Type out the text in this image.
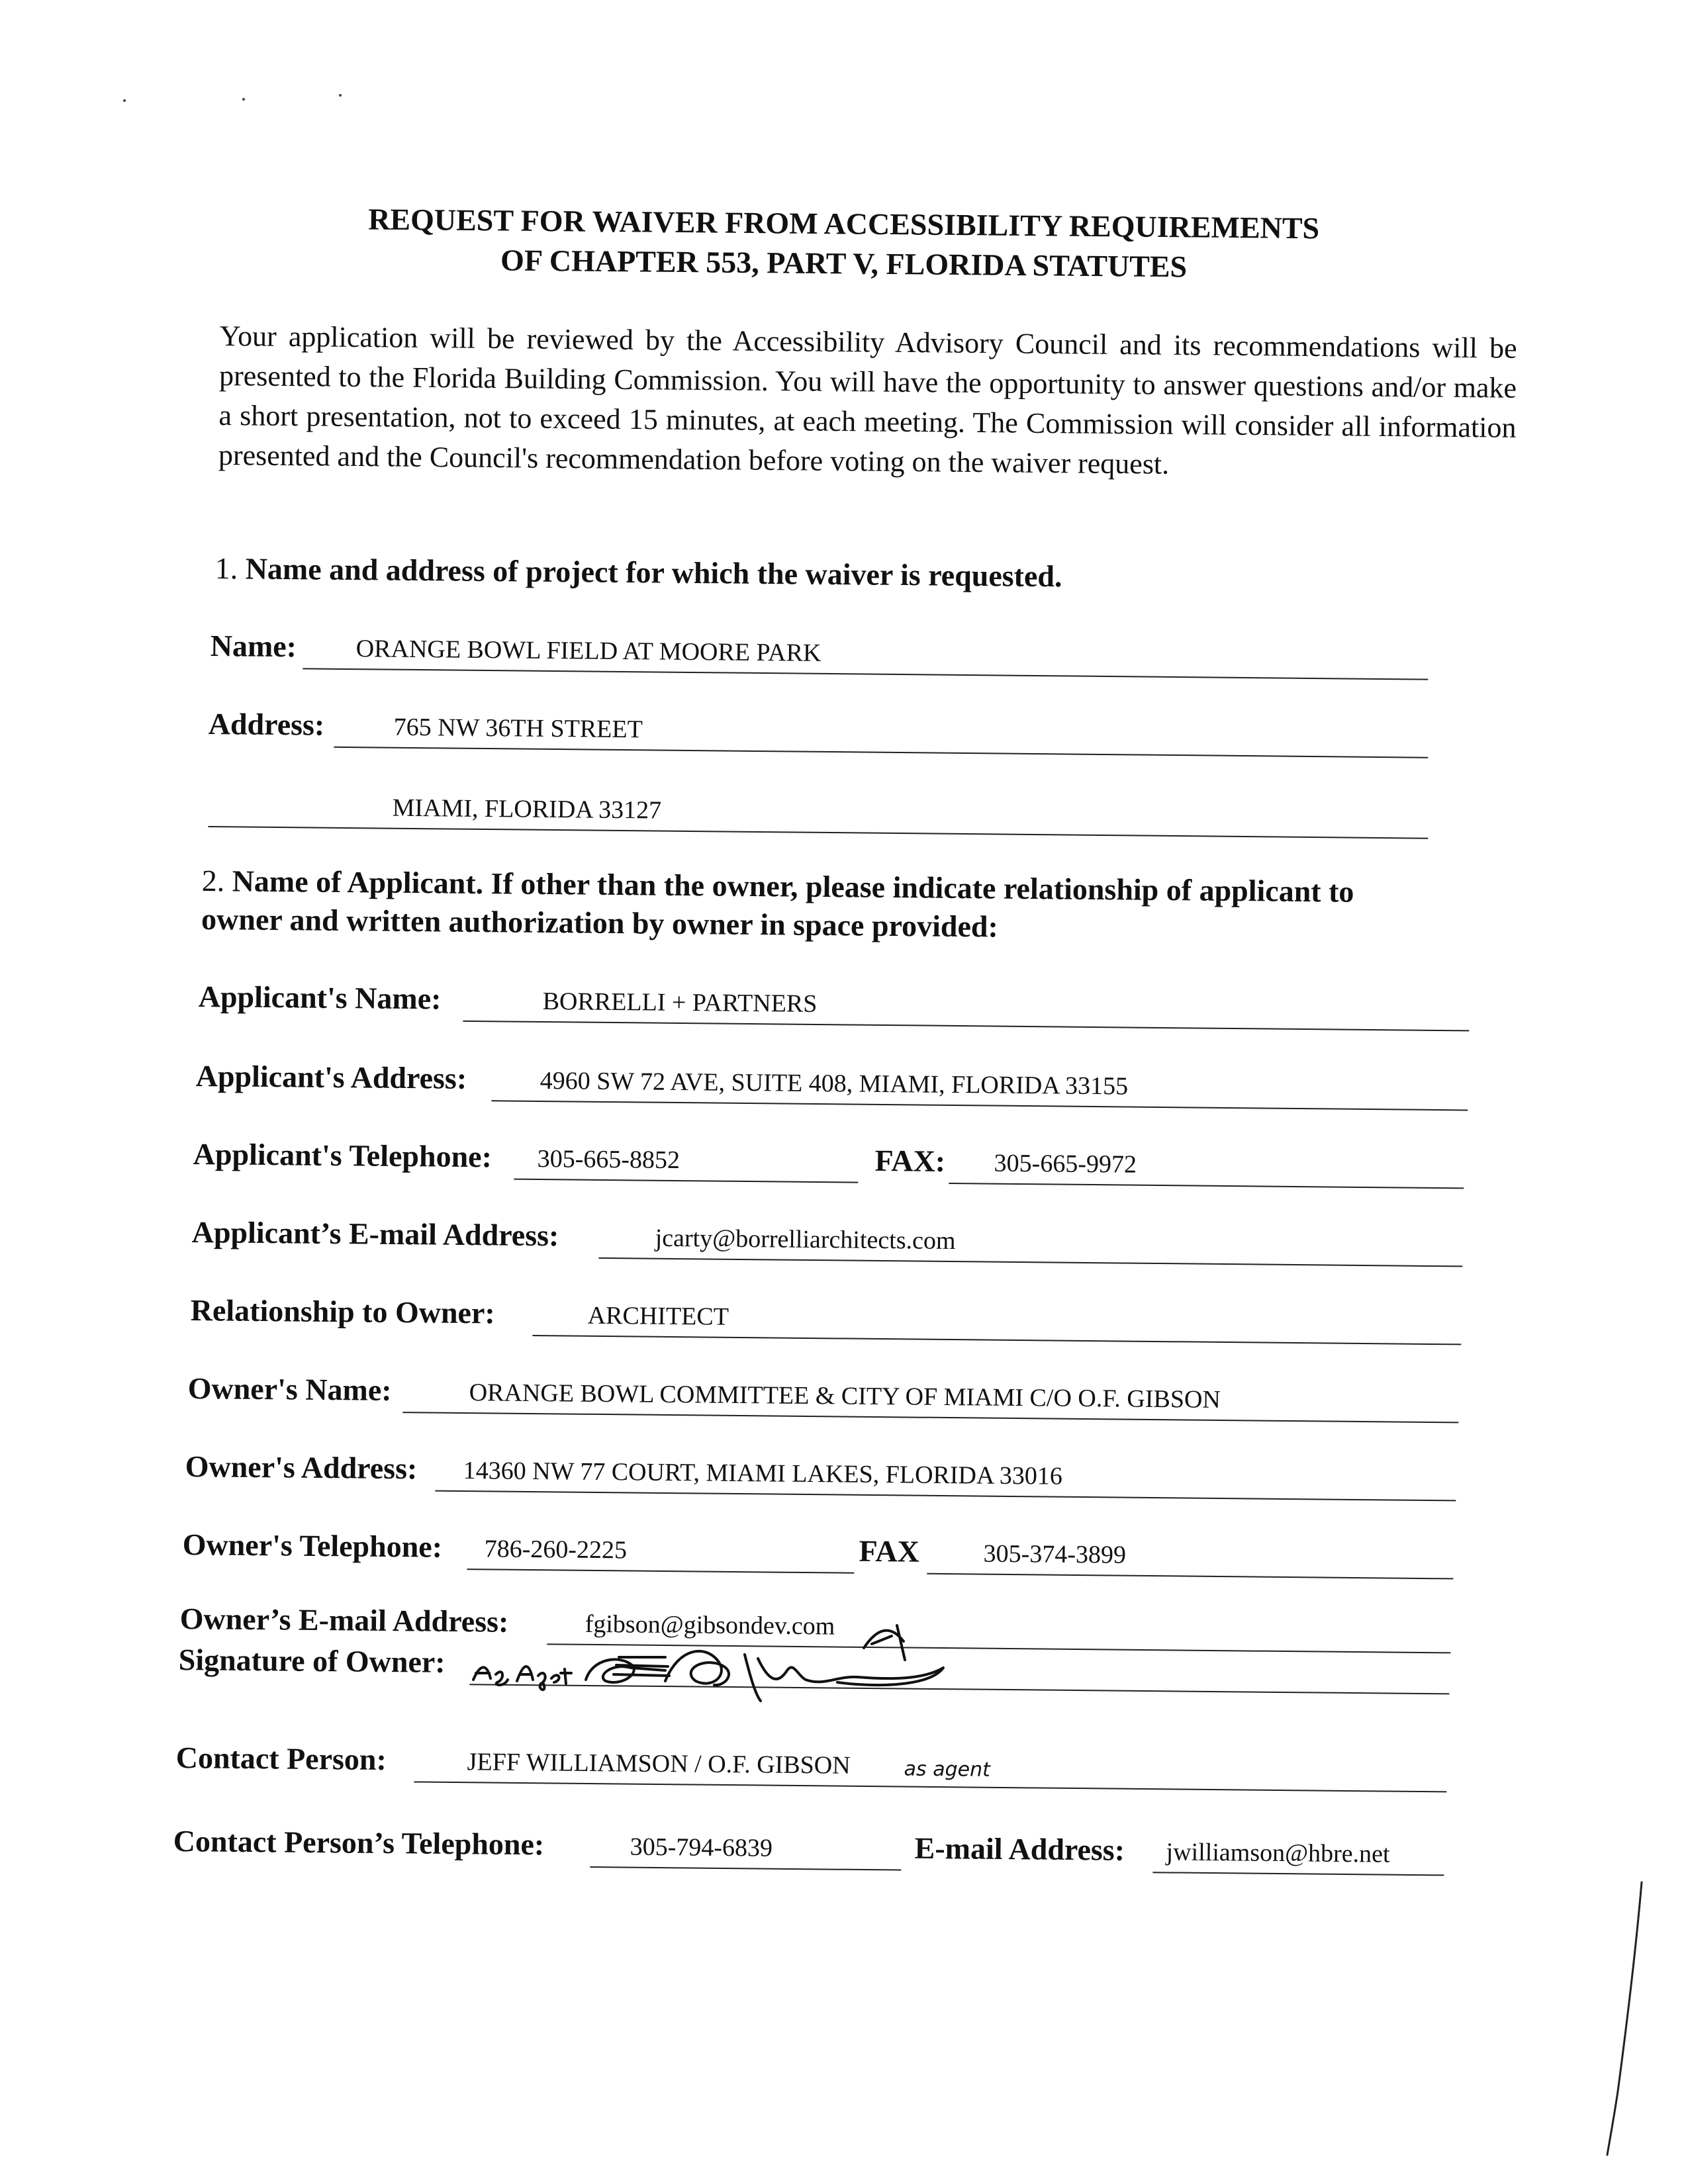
REQUEST FOR WAIVER FROM ACCESSIBILITY REQUIREMENTS
OF CHAPTER 553, PART V, FLORIDA STATUTES
Your application will be reviewed by the Accessibility Advisory Council and its recommendations will be presented to the Florida Building Commission. You will have the opportunity to answer questions and/or make a short presentation, not to exceed 15 minutes, at each meeting. The Commission will consider all information presented and the Council's recommendation before voting on the waiver request.
1. Name and address of project for which the waiver is requested.
Name: ORANGE BOWL FIELD AT MOORE PARK
Address:	765 NW 36TH STREET
MIAMI, FLORIDA 33127
2. Name of Applicant. If other than the owner, please indicate relationship of applicant to
owner and written authorization by owner in space provided:
Applicant's Name:	BORRELLI + PARTNERS
Applicant's Address:	4960 SW 72 AVE, SUITE 408, MIAMI, FLORIDA 33155
Applicant's Telephone: 305-665-8852	FAX: 305-665-9972
Applicant’s E-mail Address:	jcarty@borrelliarchitects.com
Relationship to Owner:	ARCHITECT
Owner's Name:	ORANGE BOWL COMMITTEE & CITY OF MIAMI C/O O.F. GIBSON
Owner's Address: 14360 NW 77 COURT, MIAMI LAKES, FLORIDA 33016
Owner's Telephone: 786-260-2225	FAX	305-374-3899
Owner’s E-mail Address:	fgibson@gibsondev.com
Signature of Owner:
Contact Person:	JEFF WILLIAMSON / O.F. GIBSON	as agent
Contact Person’s Telephone:	305-794-6839	E-mail Address: jwilliamson@hbre.net
